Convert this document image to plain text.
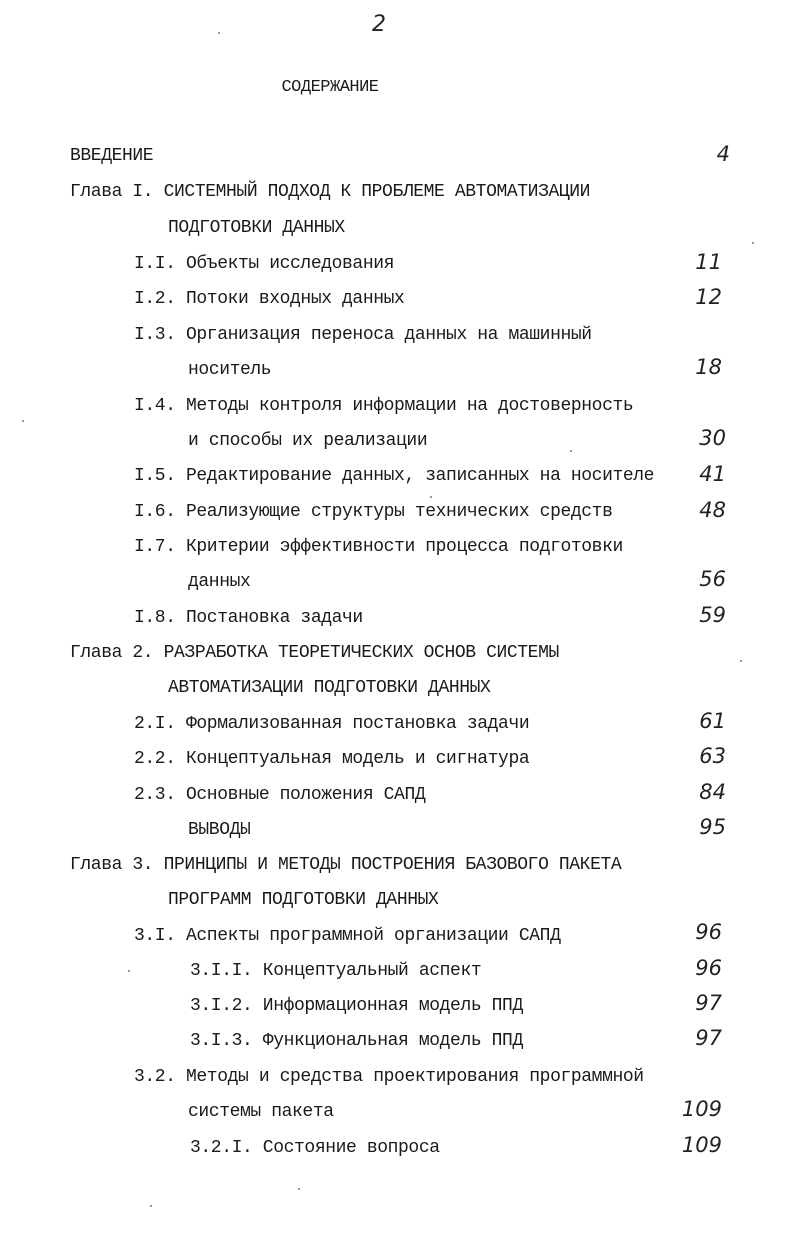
2
СОДЕРЖАНИЕ
ВВЕДЕНИЕ	4
Глава I. СИСТЕМНЫЙ ПОДХОД К ПРОБЛЕМЕ АВТОМАТИЗАЦИИ
ПОДГОТОВКИ ДАННЫХ
I.I. Объекты исследования	11
I.2. Потоки входных данных	12
I.3. Организация переноса данных на машинный
носитель	18
I.4. Методы контроля информации на достоверность
и способы их реализации	30
I.5. Редактирование данных, записанных на носителе	41
I.6. Реализующие структуры технических средств	48
I.7. Критерии эффективности процесса подготовки
данных	56
I.8. Постановка задачи	59
Глава 2. РАЗРАБОТКА ТЕОРЕТИЧЕСКИХ ОСНОВ СИСТЕМЫ
АВТОМАТИЗАЦИИ ПОДГОТОВКИ ДАННЫХ
2.I. Формализованная постановка задачи	61
2.2. Концептуальная модель и сигнатура	63
2.3. Основные положения САПД	84
ВЫВОДЫ	95
Глава 3. ПРИНЦИПЫ И МЕТОДЫ ПОСТРОЕНИЯ БАЗОВОГО ПАКЕТА
ПРОГРАММ ПОДГОТОВКИ ДАННЫХ
3.I. Аспекты программной организации САПД	96
3.I.I. Концептуальный аспект	96
3.I.2. Информационная модель ППД	97
3.I.3. Функциональная модель ППД	97
3.2. Методы и средства проектирования программной
системы пакета	109
3.2.I. Состояние вопроса	109
